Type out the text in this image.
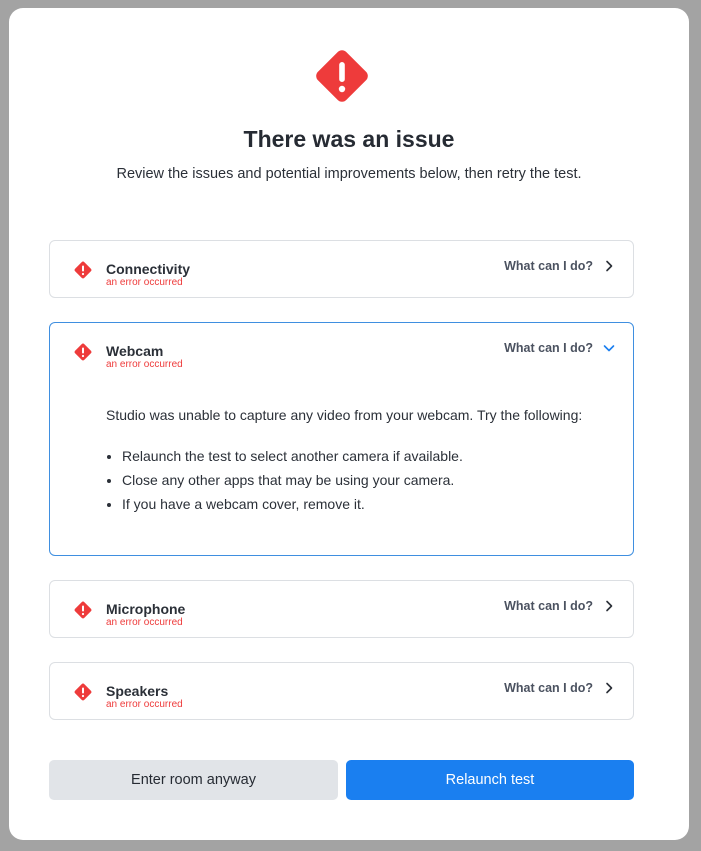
There was an issue

Review the issues and potential improvements below, then retry the test.

Connectivity
an error occurred
What can I do?
Webcam
an error occurred
What can I do?

Studio was unable to capture any video from your webcam. Try the following:

• Relaunch the test to select another camera if available.
• Close any other apps that may be using your camera.
• If you have a webcam cover, remove it.
Microphone
an error occurred
What can I do?
Speakers
an error occurred
What can I do?
Enter room anyway	Relaunch test
